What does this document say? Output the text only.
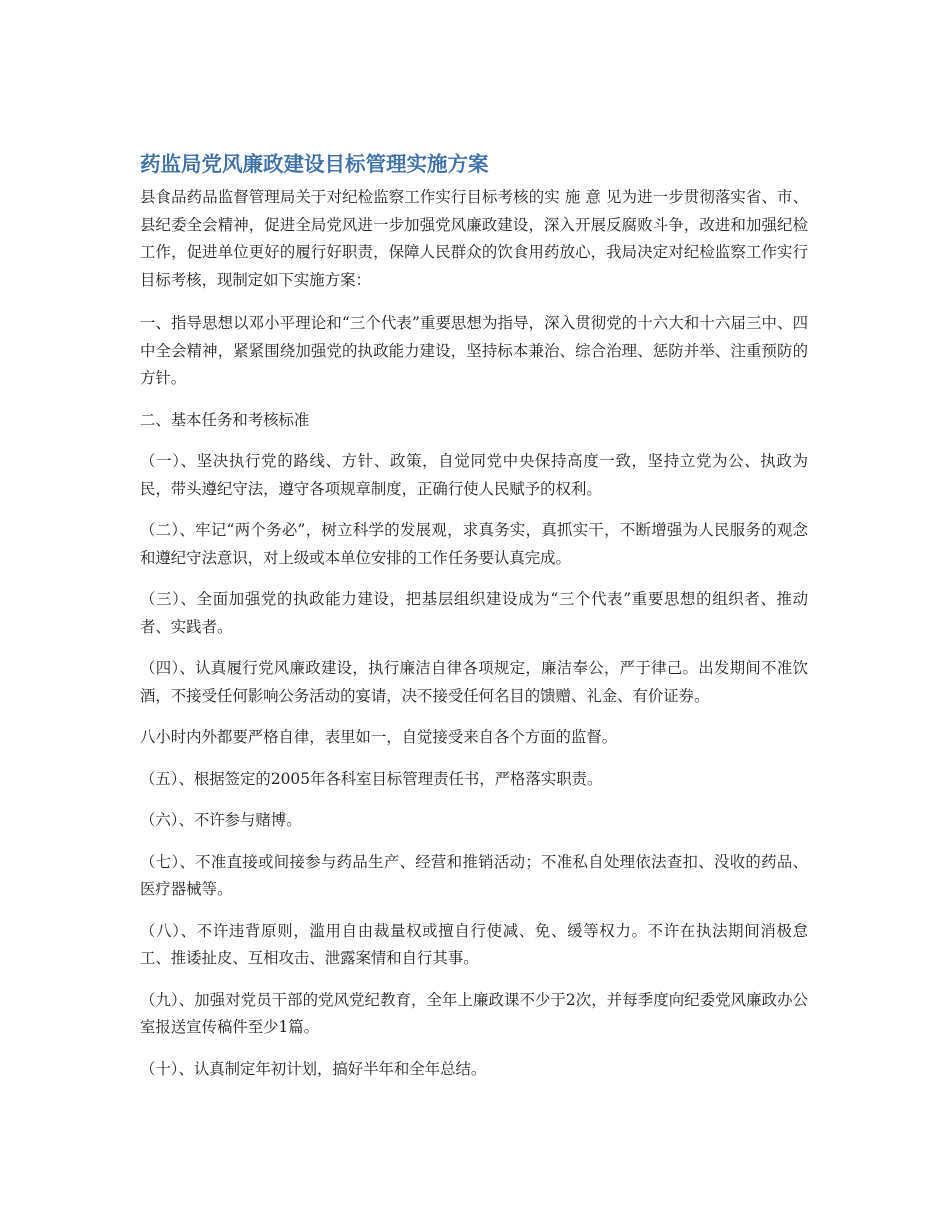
药监局党风廉政建设目标管理实施方案

县食品药品监督管理局关于对纪检监察工作实行目标考核的实 施 意 见为进一步贯彻落实省、市、县纪委全会精神，促进全局党风进一步加强党风廉政建设，深入开展反腐败斗争，改进和加强纪检工作，促进单位更好的履行好职责，保障人民群众的饮食用药放心，我局决定对纪检监察工作实行目标考核，现制定如下实施方案：

一、指导思想以邓小平理论和“三个代表”重要思想为指导，深入贯彻党的十六大和十六届三中、四中全会精神，紧紧围绕加强党的执政能力建设，坚持标本兼治、综合治理、惩防并举、注重预防的方针。

二、基本任务和考核标准

（一）、坚决执行党的路线、方针、政策，自觉同党中央保持高度一致，坚持立党为公、执政为民，带头遵纪守法，遵守各项规章制度，正确行使人民赋予的权利。

（二）、牢记“两个务必”，树立科学的发展观，求真务实，真抓实干，不断增强为人民服务的观念和遵纪守法意识，对上级或本单位安排的工作任务要认真完成。

（三）、全面加强党的执政能力建设，把基层组织建设成为“三个代表”重要思想的组织者、推动者、实践者。

（四）、认真履行党风廉政建设，执行廉洁自律各项规定，廉洁奉公，严于律己。出发期间不准饮酒，不接受任何影响公务活动的宴请，决不接受任何名目的馈赠、礼金、有价证券。

八小时内外都要严格自律，表里如一，自觉接受来自各个方面的监督。

（五）、根据签定的2005年各科室目标管理责任书，严格落实职责。

（六）、不许参与赌博。

（七）、不准直接或间接参与药品生产、经营和推销活动；不准私自处理依法查扣、没收的药品、医疗器械等。

（八）、不许违背原则，滥用自由裁量权或擅自行使减、免、缓等权力。不许在执法期间消极怠工、推诿扯皮、互相攻击、泄露案情和自行其事。

（九）、加强对党员干部的党风党纪教育，全年上廉政课不少于2次，并每季度向纪委党风廉政办公室报送宣传稿件至少1篇。

（十）、认真制定年初计划，搞好半年和全年总结。
